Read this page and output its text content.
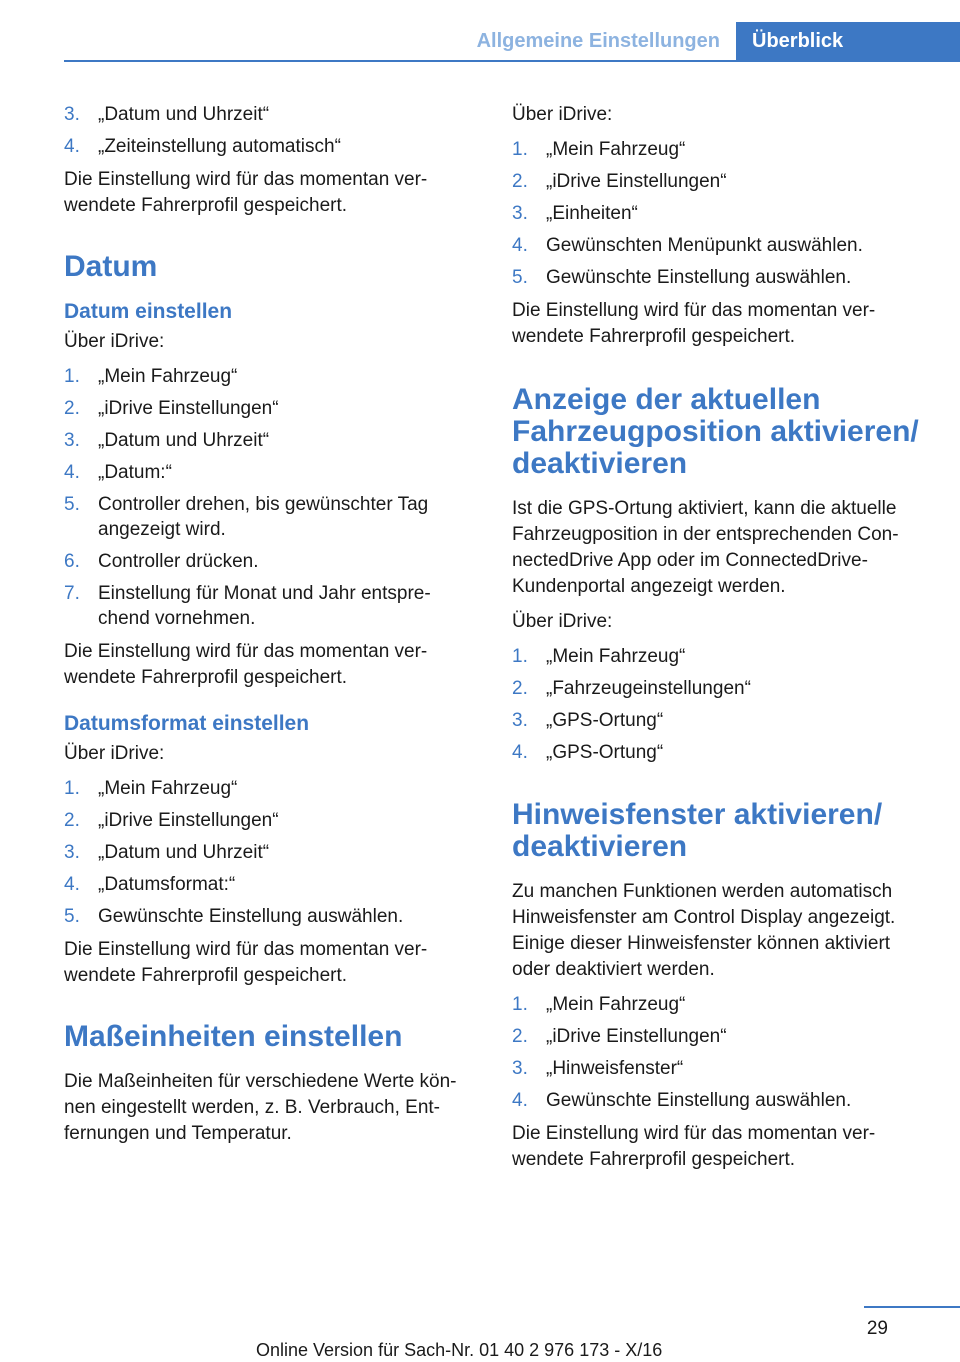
Allgemeine Einstellungen	Überblick
3. „Datum und Uhrzeit“
4. „Zeiteinstellung automatisch“

Die Einstellung wird für das momentan ver-wendete Fahrerprofil gespeichert.

Datum
Datum einstellen

Über iDrive:

1. „Mein Fahrzeug“
2. „iDrive Einstellungen“
3. „Datum und Uhrzeit“
4. „Datum:“
5. Controller drehen, bis gewünschter Tag angezeigt wird.
6. Controller drücken.
7. Einstellung für Monat und Jahr entspre-chend vornehmen.

Die Einstellung wird für das momentan ver-wendete Fahrerprofil gespeichert.

Datumsformat einstellen

Über iDrive:

1. „Mein Fahrzeug“
2. „iDrive Einstellungen“
3. „Datum und Uhrzeit“
4. „Datumsformat:“
5. Gewünschte Einstellung auswählen.

Die Einstellung wird für das momentan ver-wendete Fahrerprofil gespeichert.

Maßeinheiten einstellen

Die Maßeinheiten für verschiedene Werte kön-nen eingestellt werden, z. B. Verbrauch, Ent-fernungen und Temperatur.

Über iDrive:

1. „Mein Fahrzeug“
2. „iDrive Einstellungen“
3. „Einheiten“
4. Gewünschten Menüpunkt auswählen.
5. Gewünschte Einstellung auswählen.

Die Einstellung wird für das momentan ver-wendete Fahrerprofil gespeichert.

Anzeige der aktuellen Fahrzeugposition aktivieren/ deaktivieren

Ist die GPS-Ortung aktiviert, kann die aktuelle Fahrzeugposition in der entsprechenden Con-nectedDrive App oder im ConnectedDrive-Kundenportal angezeigt werden.

Über iDrive:

1. „Mein Fahrzeug“
2. „Fahrzeugeinstellungen“
3. „GPS-Ortung“
4. „GPS-Ortung“
Hinweisfenster aktivieren/ deaktivieren

Zu manchen Funktionen werden automatisch Hinweisfenster am Control Display angezeigt. Einige dieser Hinweisfenster können aktiviert oder deaktiviert werden.

1. „Mein Fahrzeug“
2. „iDrive Einstellungen“
3. „Hinweisfenster“
4. Gewünschte Einstellung auswählen.

Die Einstellung wird für das momentan ver-wendete Fahrerprofil gespeichert.

29
Online Version für Sach-Nr. 01 40 2 976 173 - X/16
